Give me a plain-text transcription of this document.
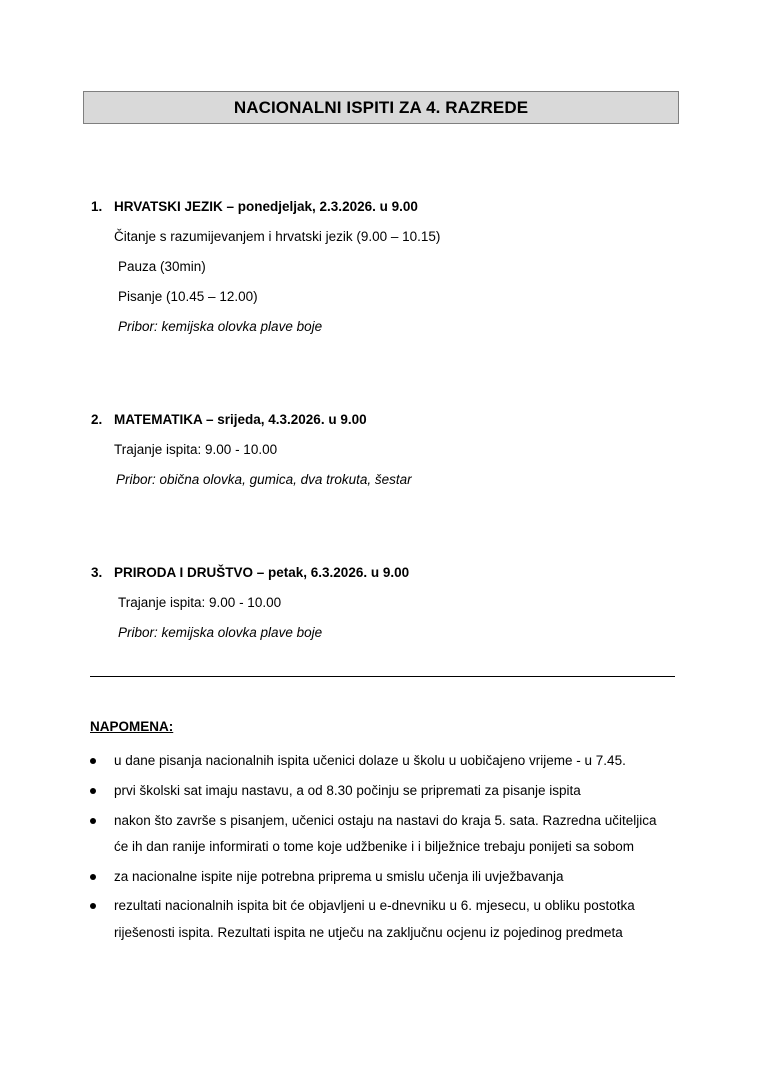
NACIONALNI ISPITI ZA 4. RAZREDE
1. HRVATSKI JEZIK – ponedjeljak, 2.3.2026. u 9.00
Čitanje s razumijevanjem i hrvatski jezik (9.00 – 10.15)
Pauza (30min)
Pisanje (10.45 – 12.00)
Pribor: kemijska olovka plave boje
2. MATEMATIKA – srijeda, 4.3.2026. u 9.00
Trajanje ispita: 9.00 - 10.00
Pribor: obična olovka, gumica, dva trokuta, šestar
3. PRIRODA I DRUŠTVO – petak, 6.3.2026. u 9.00
Trajanje ispita: 9.00 - 10.00
Pribor: kemijska olovka plave boje
NAPOMENA:
u dane pisanja nacionalnih ispita učenici dolaze u školu u uobičajeno vrijeme - u 7.45.
prvi školski sat imaju nastavu, a od 8.30 počinju se pripremati za pisanje ispita
nakon što završe s pisanjem, učenici ostaju na nastavi do kraja 5. sata. Razredna učiteljica
će ih dan ranije informirati o tome koje udžbenike i i bilježnice trebaju ponijeti sa sobom
za nacionalne ispite nije potrebna priprema u smislu učenja ili uvježbavanja
rezultati nacionalnih ispita bit će objavljeni u e-dnevniku u 6. mjesecu, u obliku postotka
riješenosti ispita. Rezultati ispita ne utječu na zaključnu ocjenu iz pojedinog predmeta
